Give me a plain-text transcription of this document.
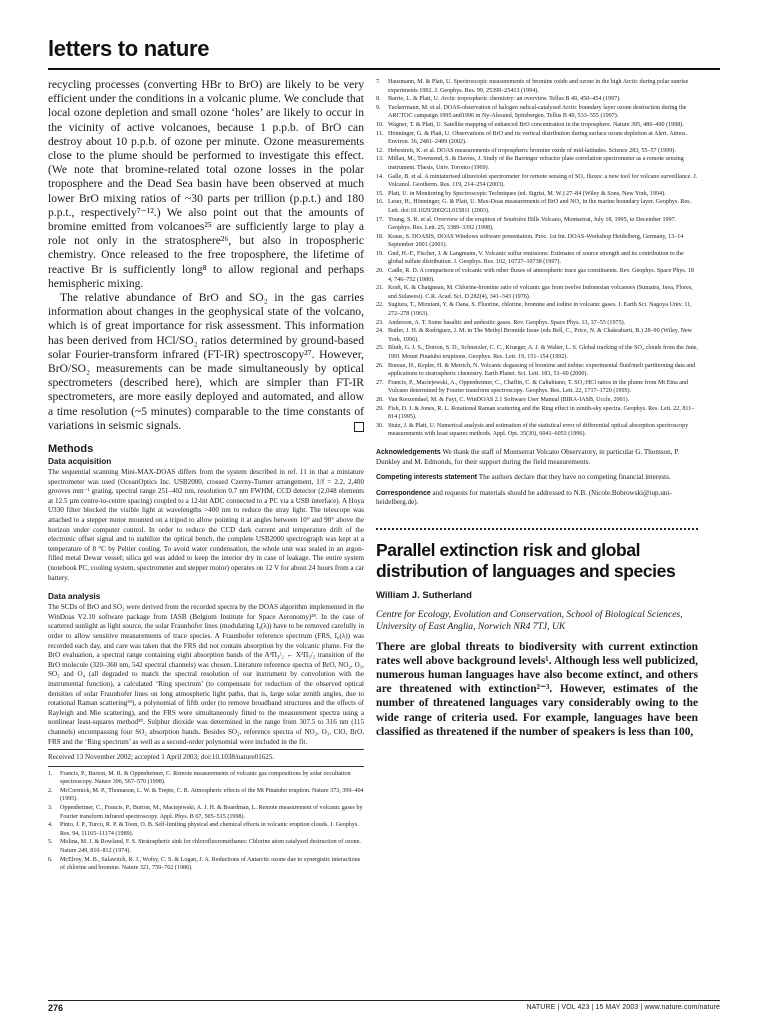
letters to nature

recycling processes (converting HBr to BrO) are likely to be very efficient under the conditions in a volcanic plume. We conclude that local ozone depletion and small ozone ‘holes’ are likely to occur in the vicinity of active volcanoes, because 1 p.p.b. of BrO can destroy about 10 p.p.b. of ozone per minute. Ozone measurements close to the plume should be performed to investigate this effect. (We note that bromine-related total ozone losses in the polar troposphere and the Dead Sea basin have been observed at much lower BrO mixing ratios of ~30 parts per trillion (p.p.t.) and 180 p.p.t., respectively⁷⁻¹².) We also point out that the amounts of bromine emitted from volcanoes²⁵ are sufficiently large to play a role not only in the stratosphere²⁶, but also in tropospheric chemistry. Once released to the free troposphere, the lifetime of reactive Br is sufficiently long⁸ to allow regional and perhaps hemispheric mixing.

The relative abundance of BrO and SO₂ in the gas carries information about changes in the geophysical state of the volcano, which is of great importance for risk assessment. This information has been derived from HCl/SO₂ ratios determined by ground-based solar Fourier-transform infrared (FT-IR) spectroscopy²⁷. However, BrO/SO₂ measurements can be made simultaneously by optical spectrometers (described here), which are simpler than FT-IR spectrometers, are more easily deployed and automated, and allow a time resolution (~5 minutes) comparable to the time constants of variations in seismic signals.

Methods
Data acquisition

The sequential scanning Mini-MAX-DOAS differs from the system described in ref. 11 in that a miniature spectrometer was used (OceanOptics Inc. USB2000, crossed Czerny-Turner arrangement, 1/f = 2.2, 2,400 grooves mm⁻¹ grating, spectral range 251–402 nm, resolution 0.7 nm FWHM, CCD detector (2,048 elements at 12.5 µm centre-to-centre spacing) coupled to a 12-bit ADC connected to a PC via a USB interface). A Hoya U330 filter blocked the visible light at wavelengths >400 nm to reduce the stray light. The telescope was attached to a stepper motor mounted on a tripod to allow pointing it at angles between 10° and 90° above the horizon under computer control. In order to reduce the CCD dark current and temperature drift of the electronic offset signal and to stabilize the optical bench, the complete USB2000 spectrograph was kept at a temperature of 8 °C by Peltier cooling. To avoid water condensation, the whole unit was sealed in an argon-filled metal Dewar vessel; silica gel was added to keep the interior dry in case of leakage. The entire system (notebook PC, cooling system, spectrometer and stepper motor) operates on 12 V for about 24 hours from a car battery.

Data analysis

The SCDs of BrO and SO₂ were derived from the recorded spectra by the DOAS algorithm implemented in the WinDoas V2.10 software package from IASB (Belgium Institute for Space Aeronomy)²⁸. In the case of scattered sunlight as light source, the solar Fraunhofer lines (modulating I₀(λ)) have to be removed carefully in order to allow sensitive measurements of trace species. A Fraunhofer reference spectrum (FRS, I₀(λ)) was recorded each day, and care was taken that the FRS did not contain absorption by the volcanic plume. For the BrO evaluation, a spectral range containing eight absorption bands of the A²Π₃/₂ ← X²Π₃/₂ transition of the BrO molecule (320–360 nm, 542 spectral channels) was chosen. Literature reference spectra of BrO, NO₂, O₃, SO₂ and O₄ (all degraded to match the spectral resolution of our instrument by convolution with the instrumental function), a calculated ‘Ring spectrum’ (to compensate for reduction of the observed optical densities of solar Fraunhofer lines on long atmospheric light paths, that is, large solar zenith angles, due to rotational Raman scattering²⁹), a polynomial of fifth order (to remove broadband structures and the effects of Rayleigh and Mie scattering), and the FRS were simultaneously fitted to the measurement spectra using a nonlinear least-squares method³⁰. Sulphur dioxide was determined in the range from 307.5 to 316 nm (115 channels) encompassing four SO₂ absorption bands. Besides SO₂, reference spectra of NO₂, O₃, ClO, BrO, FRS and the ‘Ring spectrum’ as well as a second-order polynomial were included in the fit.

Received 13 November 2002; accepted 1 April 2003; doi:10.1038/nature01625.
1. Francis, P., Burton, M. R. & Oppenheimer, C. Remote measurements of volcanic gas compositions by solar occultation spectroscopy. Nature 396, 567–570 (1998).
2. McCormick, M. P., Thomason, L. W. & Trepte, C. R. Atmospheric effects of the Mt Pinatubo eruption. Nature 373, 399–404 (1995).
3. Oppenheimer, C., Francis, P., Burton, M., Maciejewski, A. J. H. & Boardman, L. Remote measurement of volcanic gases by Fourier transform infrared spectroscopy. Appl. Phys. B 67, 505–515 (1998).
4. Pinto, J. P., Turco, R. P. & Toon, O. B. Self-limiting physical and chemical effects in volcanic eruption clouds. J. Geophys. Res. 94, 11165–11174 (1989).
5. Molina, M. J. & Rowland, F. S. Stratospheric sink for chlorofluoromethanes: Chlorine atom catalysed destruction of ozone. Nature 249, 810–812 (1974).
6. McElroy, M. B., Salawitch, R. J., Wofsy, C. S. & Logan, J. A. Reductions of Antarctic ozone due to synergistic interactions of chlorine and bromine. Nature 321, 759–762 (1986).
7. Hausmann, M. & Platt, U. Spectroscopic measurements of bromine oxide and ozone in the high Arctic during polar sunrise experiments 1992. J. Geophys. Res. 99, 25399–25413 (1994).
8. Barrie, L. & Platt, U. Arctic tropospheric chemistry: an overview. Tellus B 49, 450–454 (1997).
9. Tuckermann, M. et al. DOAS-observation of halogen radical-catalysed Arctic boundary layer ozone destruction during the ARCTOC campaign 1995 and1996 in Ny-Alesund, Spitzbergen. Tellus B 49, 533–555 (1997).
10. Wagner, T. & Platt, U. Satellite mapping of enhanced BrO concentration in the troposphere. Nature 395, 486–490 (1998).
11. Hönninger, G. & Platt, U. Observations of BrO and its vertical distribution during surface ozone depletion at Alert. Atmos. Environ. 36, 2481–2489 (2002).
12. Hebestreit, K. et al. DOAS measurements of tropospheric bromine oxide of mid-latitudes. Science 283, 55–57 (1999).
13. Millan, M., Townsend, S. & Davies, J. Study of the Barringer refractor plate correlation spectrometer as a remote sensing instrument. Thesis, Univ. Toronto (1969).
14. Galle, B. et al. A miniaturised ultraviolet spectrometer for remote sensing of SO₂ fluxes: a new tool for volcano surveillance. J. Volcanol. Geotherm. Res. 119, 214–254 (2003).
15. Platt, U. in Monitoring by Spectroscopic Techniques (ed. Sigrist, M. W.) 27–84 (Wiley & Sons, New York, 1994).
16. Leser, H., Hönninger, G. & Platt, U. Max-Doas measurements of BrO and NO₂ in the marine boundary layer. Geophys. Res. Lett. doi:10.1029/2002GL015811 (2003).
17. Young, S. R. et al. Overview of the eruption of Soufrière Hills Volcano, Montserrat, July 18, 1995, to December 1997. Geophys. Res. Lett. 25, 3389–3392 (1998).
18. Kraus, S. DOASIS, DOAS Windows software presentation. Proc. 1st Int. DOAS-Workshop Heidelberg, Germany, 13–14 September 2001 (2001).
19. Gnd, H.-F., Fischer, J. & Langmann, V. Volcanic sulfur emissions: Estimates of source strength and its contribution to the global sulfate distribution. J. Geophys. Res. 102, 10727–10738 (1997).
20. Cadle, R. D. A comparison of volcanic with other fluxes of atmospheric trace gas constituents. Rev. Geophys. Space Phys. 18 4, 746–752 (1980).
21. Kraft, K. & Chaigneau, M. Chlorine-bromine ratio of volcanic gas from twelve Indonesian volcanoes (Sumatra, Java, Flores, and Sulawesi). C.R. Acad. Sci. D 282(4), 341–343 (1976).
22. Sugiura, T., Mizutani, Y. & Oana, S. Fluorine, chlorine, bromine and iodine in volcanic gases. J. Earth Sci. Nagoya Univ. 11, 272–278 (1963).
23. Anderson, A. T. Some basaltic and andesitic gases. Rev. Geophys. Space Phys. 13, 37–55 (1975).
24. Butler, J. H. & Rodriguez, J. M. in The Methyl Bromide Issue (eds Bell, C., Price, N. & Chakrabarti, B.) 28–90 (Wiley, New York, 1996).
25. Bluth, G. J. S., Doiron, S. D., Schnetzler, C. C., Krueger, A. J. & Walter, L. S. Global tracking of the SO₂ clouds from the June, 1991 Mount Pinatubo eruptions. Geophys. Res. Lett. 19, 151–154 (1992).
26. Bureau, H., Kepler, H. & Metrich, N. Volcanic degassing of bromine and iodine: experimental fluid/melt partitioning data and applications to stratospheric chemistry. Earth Planet. Sci. Lett. 183, 51–60 (2000).
27. Francis, P., Maciejewski, A., Oppenheimer, C., Chaffin, C. & Caltabiano, T. SO₂:HCl ratios in the plume from Mt Etna and Vulcano determined by Fourier transform spectroscopy. Geophys. Res. Lett. 22, 1717–1720 (1995).
28. Van Roozendael, M. & Fayt, C. WinDOAS 2.1 Software User Manual (BIRA-IASB, Uccle, 2001).
29. Fish, D. J. & Jones, R. L. Rotational Raman scattering and the Ring effect in zenith-sky spectra. Geophys. Res. Lett. 22, 811–814 (1995).
30. Stutz, J. & Platt, U. Numerical analysis and estimation of the statistical error of differential optical absorption spectroscopy measurements with least squares methods. Appl. Opt. 35(30), 6041–6053 (1996).

Acknowledgements We thank the staff of Montserrat Volcano Observatory, in particular G. Thomson, P. Dunkley and M. Edmonds, for their support during the field measurements.

Competing interests statement The authors declare that they have no competing financial interests.

Correspondence and requests for materials should be addressed to N.B. (Nicole.Bobrowski@iup.uni-heidelberg.de).

Parallel extinction risk and global distribution of languages and species
William J. Sutherland
Centre for Ecology, Evolution and Conservation, School of Biological Sciences, University of East Anglia, Norwich NR4 7TJ, UK

There are global threats to biodiversity with current extinction rates well above background levels¹. Although less well publicized, numerous human languages have also become extinct, and others are threatened with extinction²⁻³. However, estimates of the number of threatened languages vary considerably owing to the wide range of criteria used. For example, languages have been classified as threatened if the number of speakers is less than 100,

276	NATURE | VOL 423 | 15 MAY 2003 | www.nature.com/nature
